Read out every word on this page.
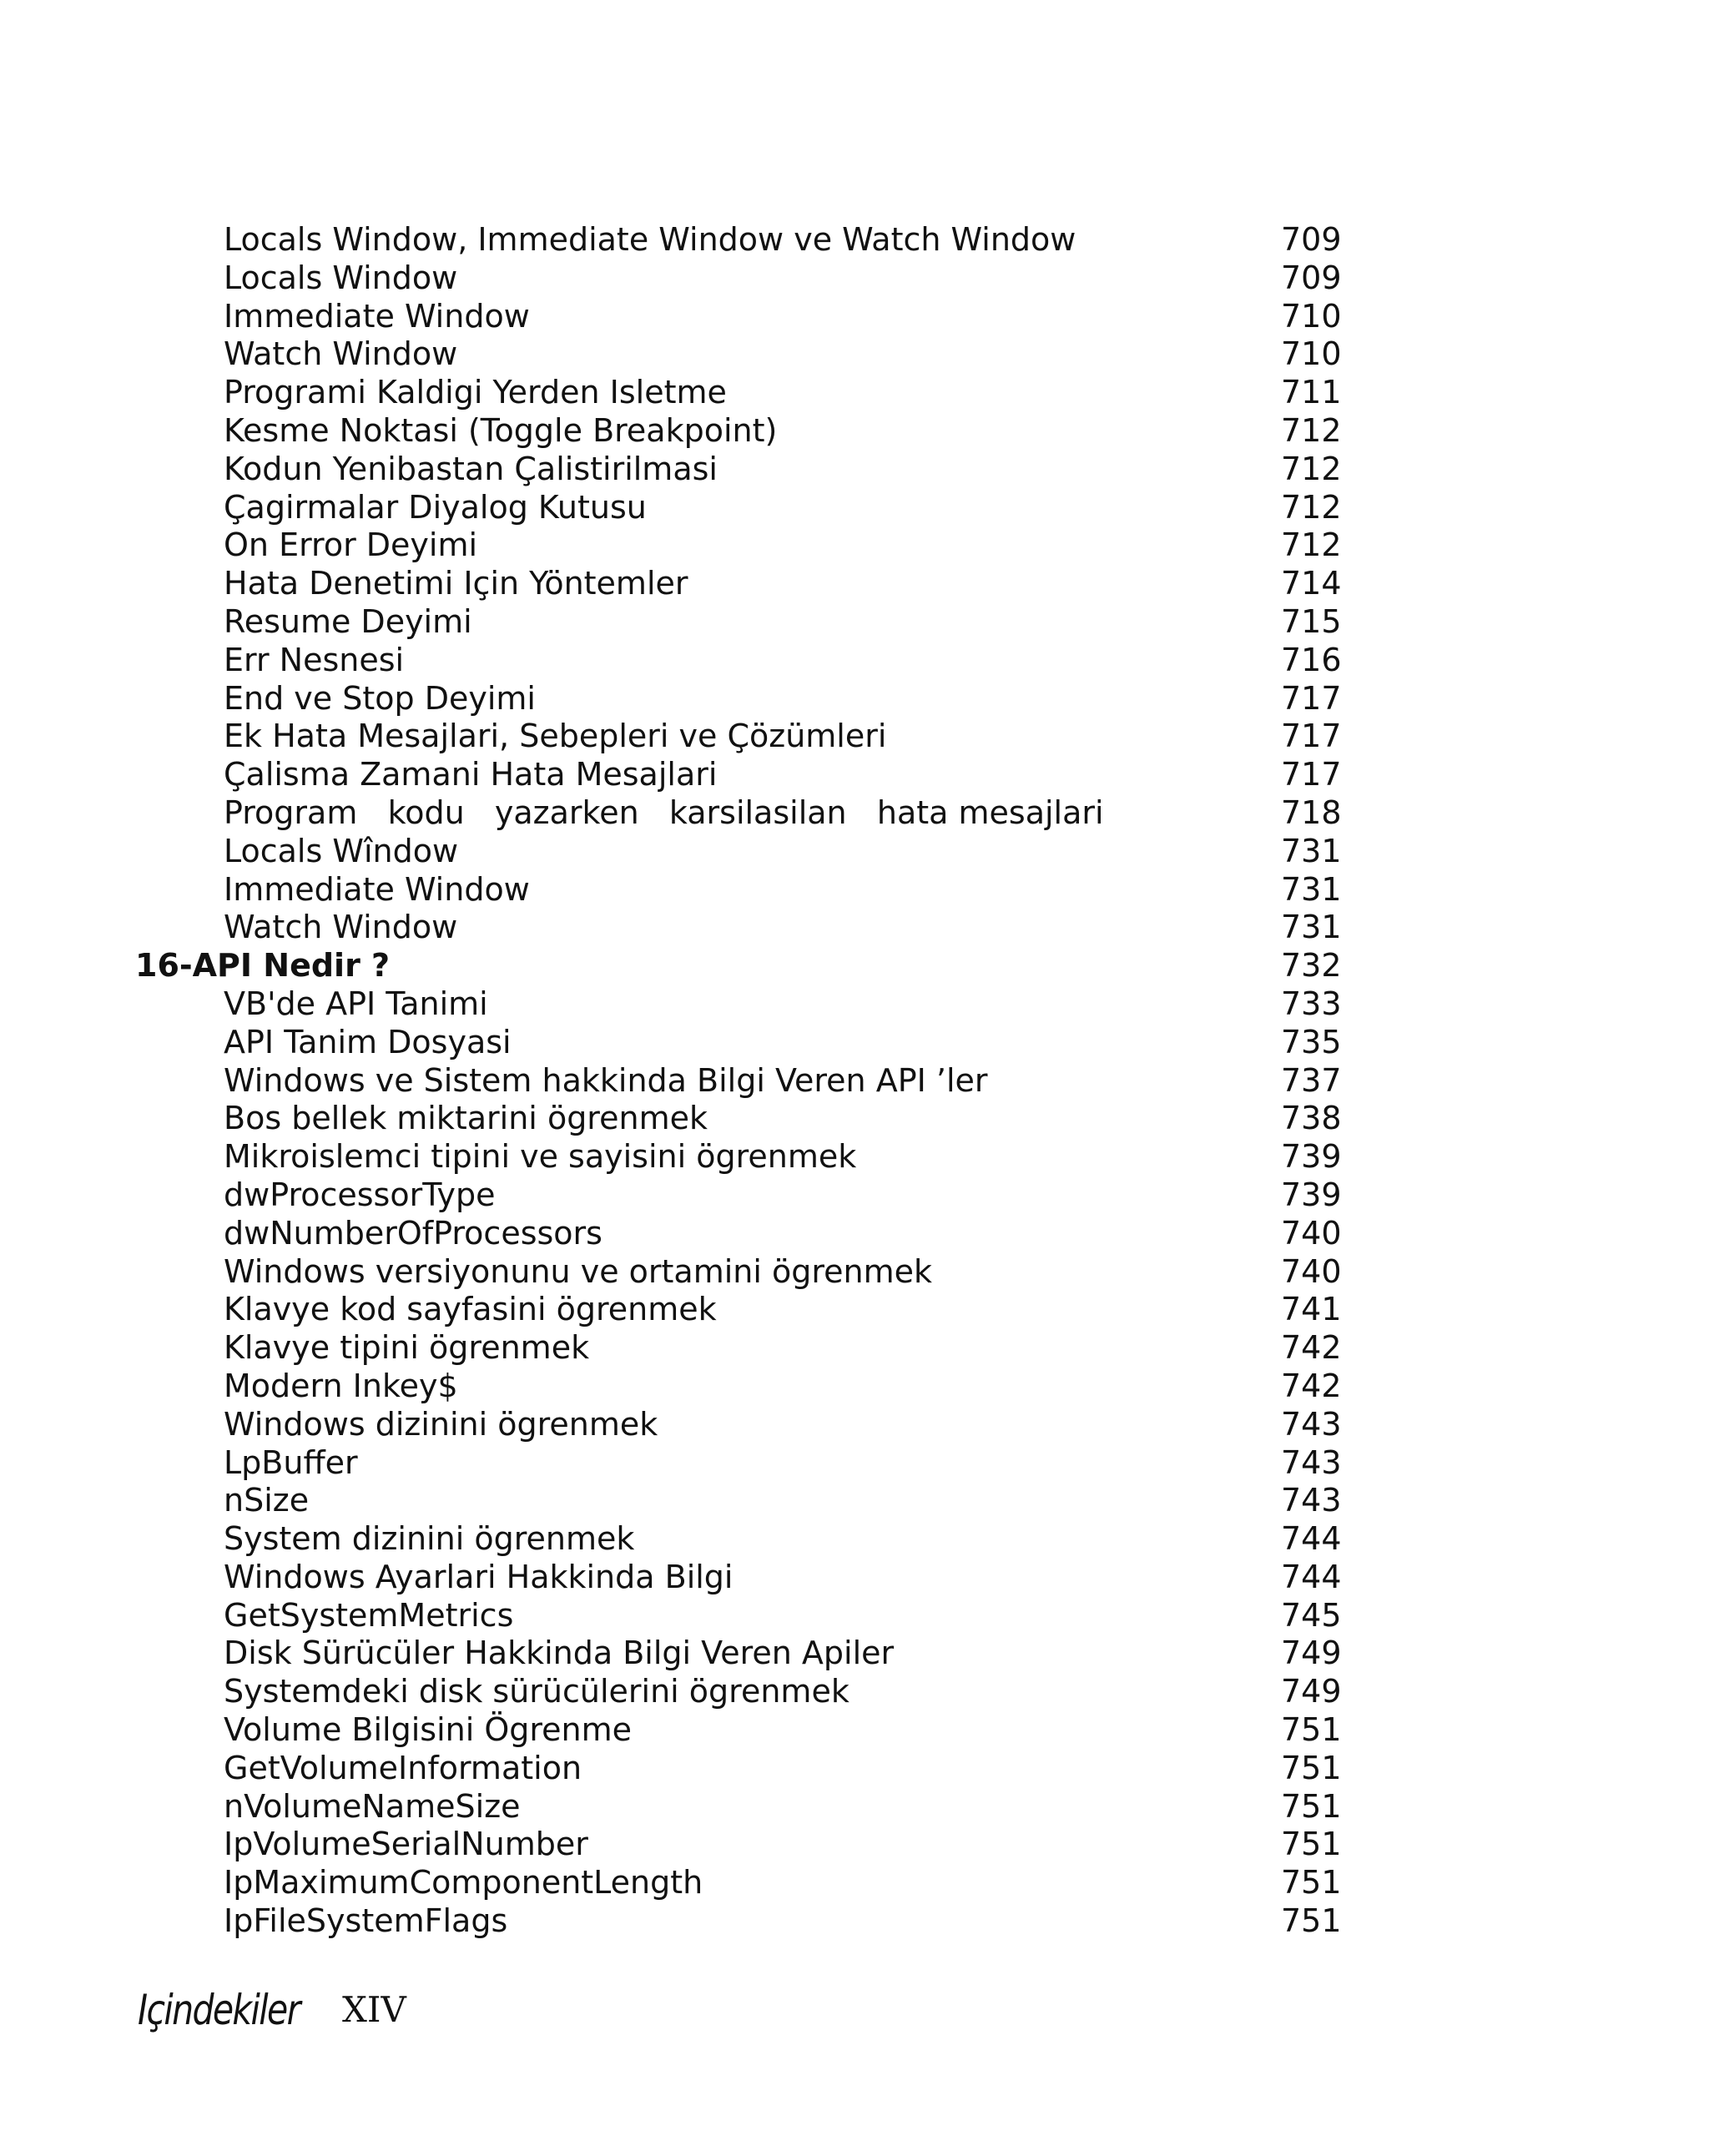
Locals Window, Immediate Window ve Watch Window	709
Locals Window	709
Immediate Window	710
Watch Window	710
Programi Kaldigi Yerden Isletme	711
Kesme Noktasi (Toggle Breakpoint)	712
Kodun Yenibastan Çalistirilmasi	712
Çagirmalar Diyalog Kutusu	712
On Error Deyimi	712
Hata Denetimi Için Yöntemler	714
Resume Deyimi	715
Err Nesnesi	716
End ve Stop Deyimi	717
Ek Hata Mesajlari, Sebepleri ve Çözümleri	717
Çalisma Zamani Hata Mesajlari	717
Program   kodu   yazarken   karsilasilan   hata mesajlari	718
Locals Wîndow	731
Immediate Window	731
Watch Window	731
16-API Nedir ?	732
VB'de API Tanimi	733
API Tanim Dosyasi	735
Windows ve Sistem hakkinda Bilgi Veren API ’ler	737
Bos bellek miktarini ögrenmek	738
Mikroislemci tipini ve sayisini ögrenmek	739
dwProcessorType	739
dwNumberOfProcessors	740
Windows versiyonunu ve ortamini ögrenmek	740
Klavye kod sayfasini ögrenmek	741
Klavye tipini ögrenmek	742
Modern Inkey$	742
Windows dizinini ögrenmek	743
LpBuffer	743
nSize	743
System dizinini ögrenmek	744
Windows Ayarlari Hakkinda Bilgi	744
GetSystemMetrics	745
Disk Sürücüler Hakkinda Bilgi Veren Apiler	749
Systemdeki disk sürücülerini ögrenmek	749
Volume Bilgisini Ögrenme	751
GetVolumeInformation	751
nVolumeNameSize	751
IpVolumeSerialNumber	751
IpMaximumComponentLength	751
IpFileSystemFlags	751
Içindekiler XIV
